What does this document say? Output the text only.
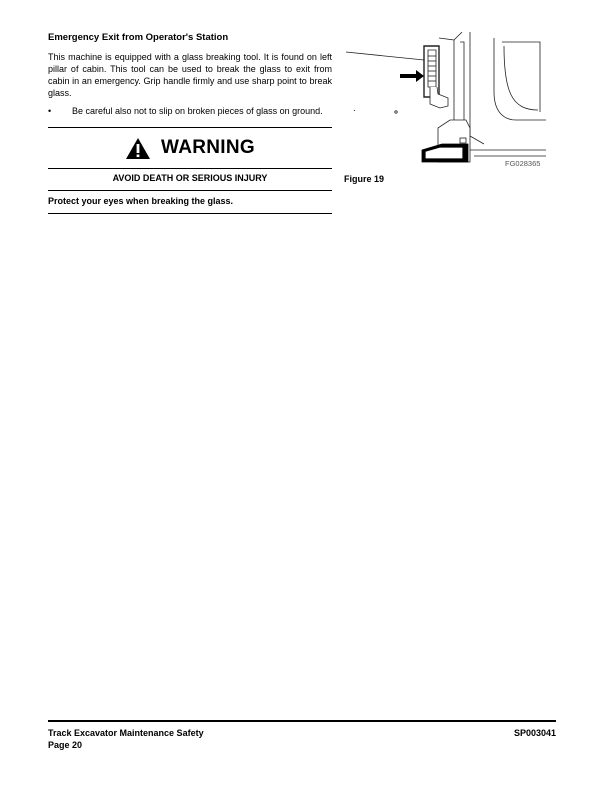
Emergency Exit from Operator's Station

This machine is equipped with a glass breaking tool. It is found on left pillar of cabin. This tool can be used to break the glass to exit from cabin in an emergency. Grip handle firmly and use sharp point to break glass.

•	Be careful also not to slip on broken pieces of glass on ground.
WARNING
AVOID DEATH OR SERIOUS INJURY
Protect your eyes when breaking the glass.
FG028365
Figure 19
Track Excavator Maintenance Safety	SP003041
Page 20
